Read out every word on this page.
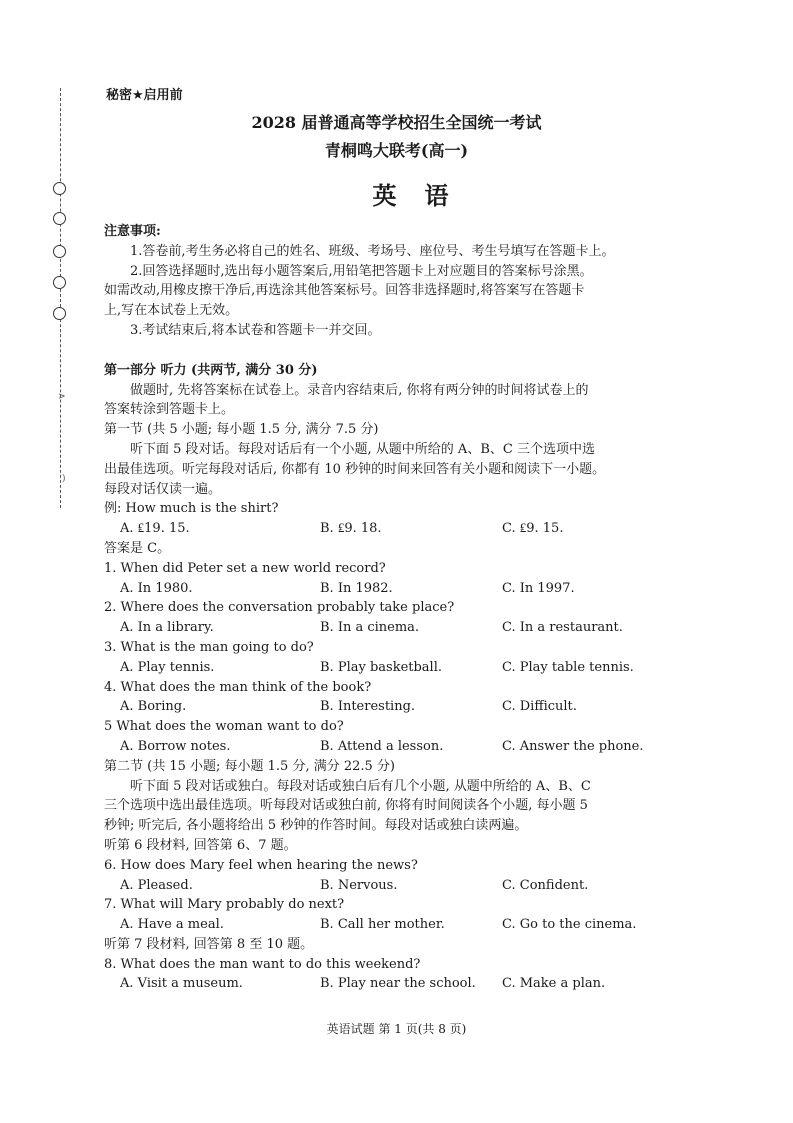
>
)
秘密★启用前
2028 届普通高等学校招生全国统一考试
青桐鸣大联考(高一)
英语
注意事项:
1.答卷前,考生务必将自己的姓名、班级、考场号、座位号、考生号填写在答题卡上。
2.回答选择题时,选出每小题答案后,用铅笔把答题卡上对应题目的答案标号涂黑。
如需改动,用橡皮擦干净后,再选涂其他答案标号。回答非选择题时,将答案写在答题卡
上,写在本试卷上无效。
3.考试结束后,将本试卷和答题卡一并交回。
第一部分 听力 (共两节, 满分 30 分)
做题时, 先将答案标在试卷上。录音内容结束后, 你将有两分钟的时间将试卷上的
答案转涂到答题卡上。
第一节 (共 5 小题; 每小题 1.5 分, 满分 7.5 分)
听下面 5 段对话。每段对话后有一个小题, 从题中所给的 A、B、C 三个选项中选
出最佳选项。听完每段对话后, 你都有 10 秒钟的时间来回答有关小题和阅读下一小题。
每段对话仅读一遍。
例: How much is the shirt?
A. ₤19. 15.	B. ₤9. 18.	C. ₤9. 15.
答案是 C。
1. When did Peter set a new world record?
A. In 1980.	B. In 1982.	C. In 1997.
2. Where does the conversation probably take place?
A. In a library.	B. In a cinema.	C. In a restaurant.
3. What is the man going to do?
A. Play tennis.	B. Play basketball.	C. Play table tennis.
4. What does the man think of the book?
A. Boring.	B. Interesting.	C. Difficult.
5 What does the woman want to do?
A. Borrow notes.	B. Attend a lesson.	C. Answer the phone.
第二节 (共 15 小题; 每小题 1.5 分, 满分 22.5 分)
听下面 5 段对话或独白。每段对话或独白后有几个小题, 从题中所给的 A、B、C
三个选项中选出最佳选项。听每段对话或独白前, 你将有时间阅读各个小题, 每小题 5
秒钟; 听完后, 各小题将给出 5 秒钟的作答时间。每段对话或独白读两遍。
听第 6 段材料, 回答第 6、7 题。
6. How does Mary feel when hearing the news?
A. Pleased.	B. Nervous.	C. Confident.
7. What will Mary probably do next?
A. Have a meal.	B. Call her mother.	C. Go to the cinema.
听第 7 段材料, 回答第 8 至 10 题。
8. What does the man want to do this weekend?
A. Visit a museum.	B. Play near the school. C. Make a plan.
英语试题 第 1 页(共 8 页)
